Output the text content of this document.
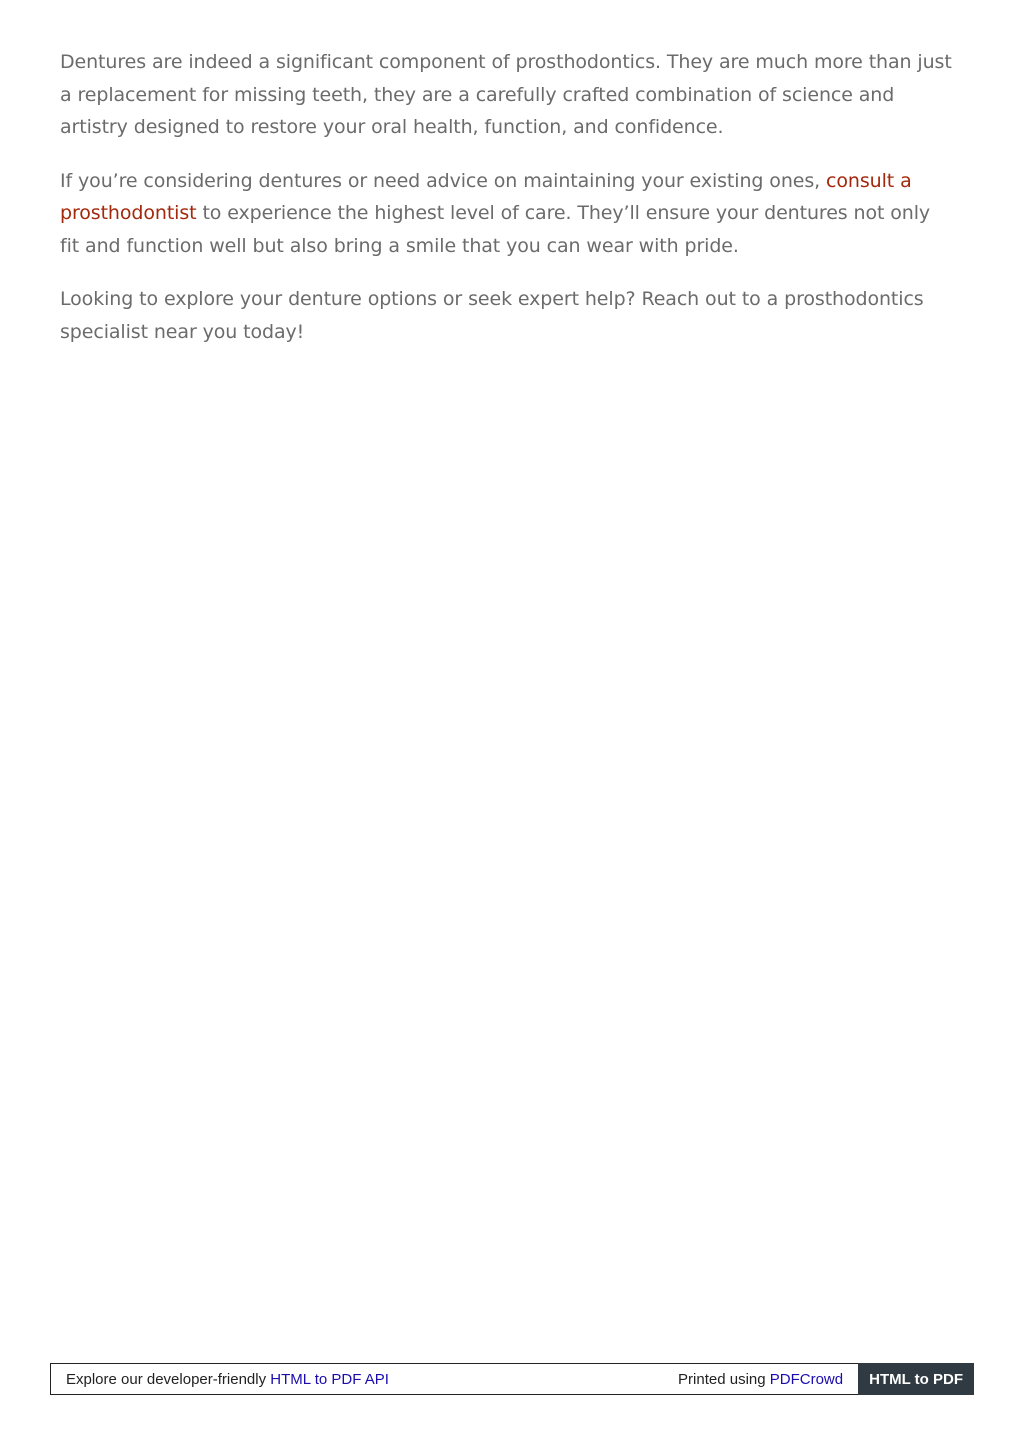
Dentures are indeed a significant component of prosthodontics. They are much more than just a replacement for missing teeth, they are a carefully crafted combination of science and artistry designed to restore your oral health, function, and confidence.

If you’re considering dentures or need advice on maintaining your existing ones, consult a prosthodontist to experience the highest level of care. They’ll ensure your dentures not only fit and function well but also bring a smile that you can wear with pride.

Looking to explore your denture options or seek expert help? Reach out to a prosthodontics specialist near you today!

Explore our developer-friendly HTML to PDF API	Printed using PDFCrowd	HTML to PDF
